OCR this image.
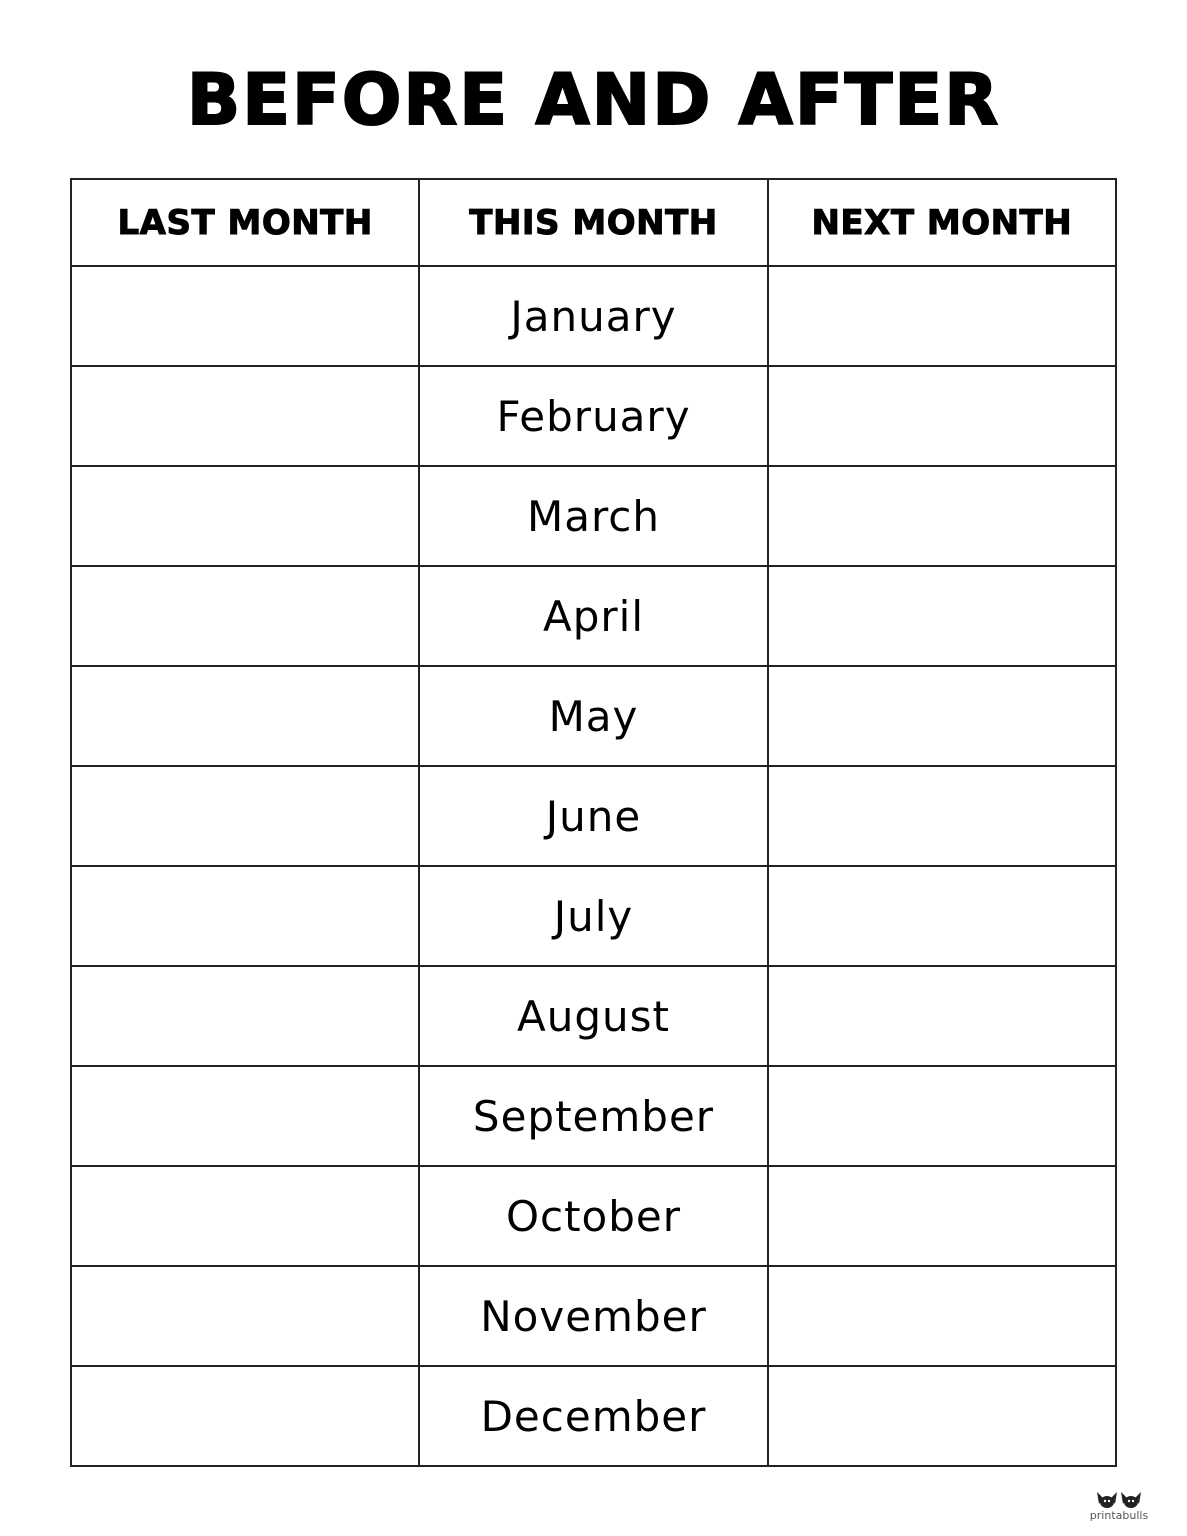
BEFORE AND AFTER
LAST MONTH	THIS MONTH	NEXT MONTH
	January	
	February	
	March	
	April	
	May	
	June	
	July	
	August	
	September	
	October	
	November	
	December	
printabulls
